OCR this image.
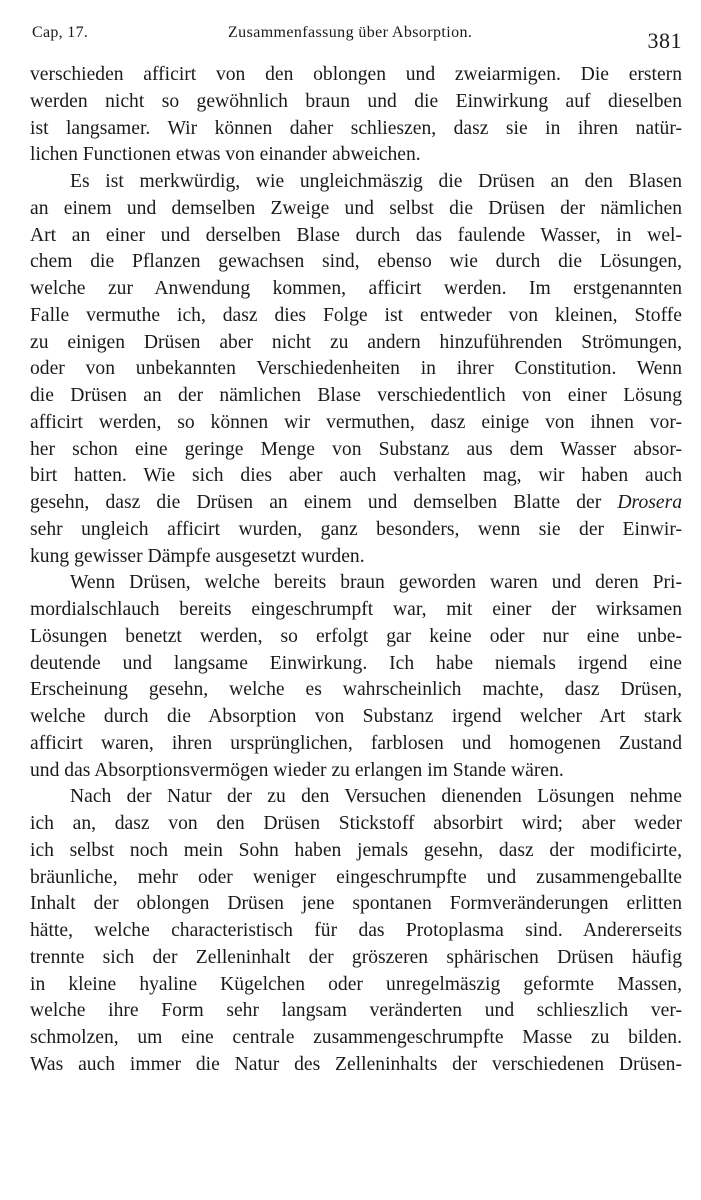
Cap, 17.	Zusammenfassung über Absorption.	381
verschieden afficirt von den oblongen und zweiarmigen. Die erstern
werden nicht so gewöhnlich braun und die Einwirkung auf dieselben
ist langsamer. Wir können daher schlieszen, dasz sie in ihren natür-
lichen Functionen etwas von einander abweichen.
Es ist merkwürdig, wie ungleichmäszig die Drüsen an den Blasen
an einem und demselben Zweige und selbst die Drüsen der nämlichen
Art an einer und derselben Blase durch das faulende Wasser, in wel-
chem die Pflanzen gewachsen sind, ebenso wie durch die Lösungen,
welche zur Anwendung kommen, afficirt werden. Im erstgenannten
Falle vermuthe ich, dasz dies Folge ist entweder von kleinen, Stoffe
zu einigen Drüsen aber nicht zu andern hinzuführenden Strömungen,
oder von unbekannten Verschiedenheiten in ihrer Constitution. Wenn
die Drüsen an der nämlichen Blase verschiedentlich von einer Lösung
afficirt werden, so können wir vermuthen, dasz einige von ihnen vor-
her schon eine geringe Menge von Substanz aus dem Wasser absor-
birt hatten. Wie sich dies aber auch verhalten mag, wir haben auch
gesehn, dasz die Drüsen an einem und demselben Blatte der Drosera
sehr ungleich afficirt wurden, ganz besonders, wenn sie der Einwir-
kung gewisser Dämpfe ausgesetzt wurden.
Wenn Drüsen, welche bereits braun geworden waren und deren Pri-
mordialschlauch bereits eingeschrumpft war, mit einer der wirksamen
Lösungen benetzt werden, so erfolgt gar keine oder nur eine unbe-
deutende und langsame Einwirkung. Ich habe niemals irgend eine
Erscheinung gesehn, welche es wahrscheinlich machte, dasz Drüsen,
welche durch die Absorption von Substanz irgend welcher Art stark
afficirt waren, ihren ursprünglichen, farblosen und homogenen Zustand
und das Absorptionsvermögen wieder zu erlangen im Stande wären.
Nach der Natur der zu den Versuchen dienenden Lösungen nehme
ich an, dasz von den Drüsen Stickstoff absorbirt wird; aber weder
ich selbst noch mein Sohn haben jemals gesehn, dasz der modificirte,
bräunliche, mehr oder weniger eingeschrumpfte und zusammengeballte
Inhalt der oblongen Drüsen jene spontanen Formveränderungen erlitten
hätte, welche characteristisch für das Protoplasma sind. Andererseits
trennte sich der Zelleninhalt der gröszeren sphärischen Drüsen häufig
in kleine hyaline Kügelchen oder unregelmäszig geformte Massen,
welche ihre Form sehr langsam veränderten und schlieszlich ver-
schmolzen, um eine centrale zusammengeschrumpfte Masse zu bilden.
Was auch immer die Natur des Zelleninhalts der verschiedenen Drüsen-
